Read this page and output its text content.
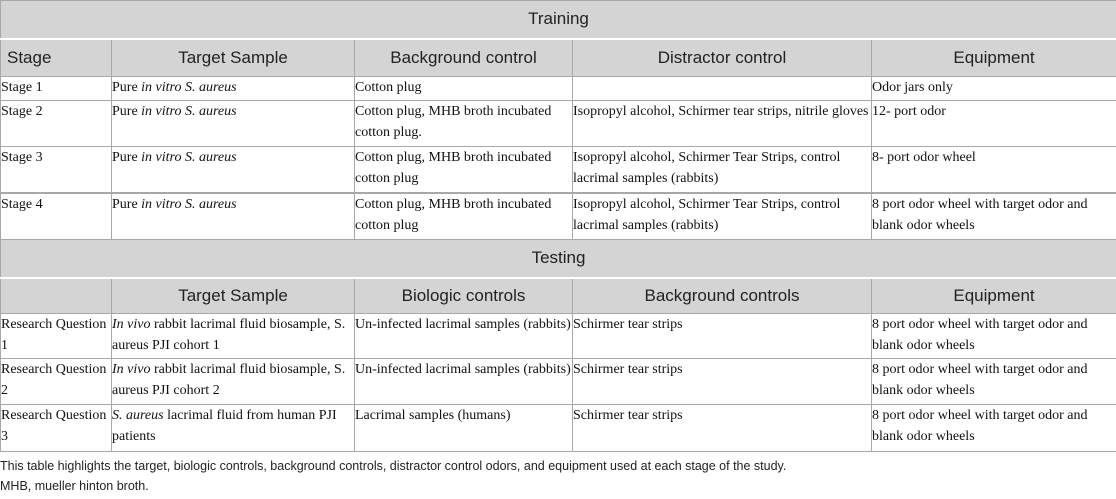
Training				
Stage	Target Sample	Background control	Distractor control	Equipment
Stage 1	Pure in vitro S. aureus	Cotton plug		Odor jars only
Stage 2	Pure in vitro S. aureus	Cotton plug, MHB broth incubated cotton plug.	Isopropyl alcohol, Schirmer tear strips, nitrile gloves	12- port odor
Stage 3	Pure in vitro S. aureus	Cotton plug, MHB broth incubated cotton plug	Isopropyl alcohol, Schirmer Tear Strips, control lacrimal samples (rabbits)	8- port odor wheel
Stage 4	Pure in vitro S. aureus	Cotton plug, MHB broth incubated cotton plug	Isopropyl alcohol, Schirmer Tear Strips, control lacrimal samples (rabbits)	8 port odor wheel with target odor and blank odor wheels
Testing				
	Target Sample	Biologic controls	Background controls	Equipment
Research Question 1	In vivo rabbit lacrimal fluid biosample, S. aureus PJI cohort 1	Un-infected lacrimal samples (rabbits)	Schirmer tear strips	8 port odor wheel with target odor and blank odor wheels
Research Question 2	In vivo rabbit lacrimal fluid biosample, S. aureus PJI cohort 2	Un-infected lacrimal samples (rabbits)	Schirmer tear strips	8 port odor wheel with target odor and blank odor wheels
Research Question 3	S. aureus lacrimal fluid from human PJI patients	Lacrimal samples (humans)	Schirmer tear strips	8 port odor wheel with target odor and blank odor wheels
This table highlights the target, biologic controls, background controls, distractor control odors, and equipment used at each stage of the study.
MHB, mueller hinton broth.
